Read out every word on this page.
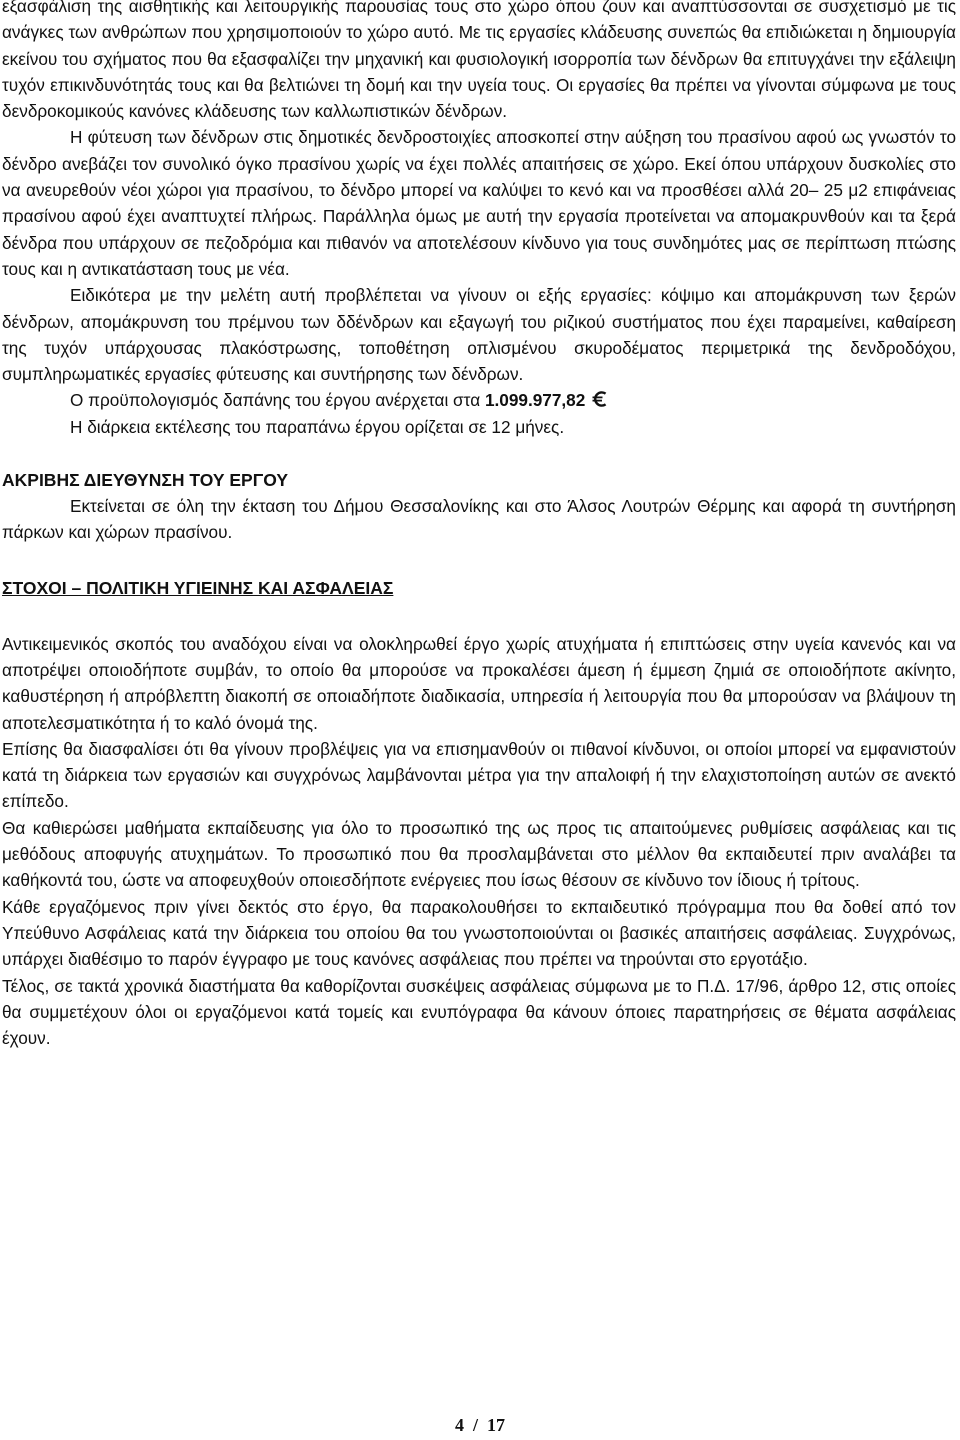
εξασφάλιση της αισθητικής και λειτουργικής παρουσίας τους στο χώρο όπου ζουν και αναπτύσσονται σε συσχετισμό με τις ανάγκες των ανθρώπων που χρησιμοποιούν το χώρο αυτό. Με τις εργασίες κλάδευσης συνεπώς θα επιδιώκεται η δημιουργία εκείνου του σχήματος που θα εξασφαλίζει την μηχανική και φυσιολογική ισορροπία των δένδρων θα επιτυγχάνει την εξάλειψη τυχόν επικινδυνότητάς τους και θα βελτιώνει τη δομή και την υγεία τους. Οι εργασίες θα πρέπει να γίνονται σύμφωνα με τους δενδροκομικούς κανόνες κλάδευσης των καλλωπιστικών δένδρων.

Η φύτευση των δένδρων στις δημοτικές δενδροστοιχίες αποσκοπεί στην αύξηση του πρασίνου αφού ως γνωστόν το δένδρο ανεβάζει τον συνολικό όγκο πρασίνου χωρίς να έχει πολλές απαιτήσεις σε χώρο. Εκεί όπου υπάρχουν δυσκολίες στο να ανευρεθούν νέοι χώροι για πρασίνου, το δένδρο μπορεί να καλύψει το κενό και να προσθέσει αλλά 20– 25 μ2 επιφάνειας πρασίνου αφού έχει αναπτυχτεί πλήρως. Παράλληλα όμως με αυτή την εργασία προτείνεται να απομακρυνθούν και τα ξερά δένδρα που υπάρχουν σε πεζοδρόμια και πιθανόν να αποτελέσουν κίνδυνο για τους συνδημότες μας σε περίπτωση πτώσης τους και η αντικατάσταση τους με νέα.

Ειδικότερα με την μελέτη αυτή προβλέπεται να γίνουν οι εξής εργασίες: κόψιμο και απομάκρυνση των ξερών δένδρων, απομάκρυνση του πρέμνου των δδένδρων και εξαγωγή του ριζικού συστήματος που έχει παραμείνει, καθαίρεση της τυχόν υπάρχουσας πλακόστρωσης, τοποθέτηση οπλισμένου σκυροδέματος περιμετρικά της δενδροδόχου, συμπληρωματικές εργασίες φύτευσης και συντήρησης των δένδρων.

Ο προϋπολογισμός δαπάνης του έργου ανέρχεται στα 1.099.977,82

Η διάρκεια εκτέλεσης του παραπάνω έργου ορίζεται σε 12 μήνες.

ΑΚΡΙΒΗΣ ΔΙΕΥΘΥΝΣΗ ΤΟΥ ΕΡΓΟΥ

Εκτείνεται σε όλη την έκταση του Δήμου Θεσσαλονίκης και στο Άλσος Λουτρών Θέρμης και αφορά τη συντήρηση πάρκων και χώρων πρασίνου.

ΣΤΟΧΟΙ – ΠΟΛΙΤΙΚΗ ΥΓΙΕΙΝΗΣ ΚΑΙ ΑΣΦΑΛΕΙΑΣ

Αντικειμενικός σκοπός του αναδόχου είναι να ολοκληρωθεί έργο χωρίς ατυχήματα ή επιπτώσεις στην υγεία κανενός και να αποτρέψει οποιοδήποτε συμβάν, το οποίο θα μπορούσε να προκαλέσει άμεση ή έμμεση ζημιά σε οποιοδήποτε ακίνητο, καθυστέρηση ή απρόβλεπτη διακοπή σε οποιαδήποτε διαδικασία, υπηρεσία ή λειτουργία που θα μπορούσαν να βλάψουν τη αποτελεσματικότητα ή το καλό όνομά της.

Επίσης θα διασφαλίσει ότι θα γίνουν προβλέψεις για να επισημανθούν οι πιθανοί κίνδυνοι, οι οποίοι μπορεί να εμφανιστούν κατά τη διάρκεια των εργασιών και συγχρόνως λαμβάνονται μέτρα για την απαλοιφή ή την ελαχιστοποίηση αυτών σε ανεκτό επίπεδο.

Θα καθιερώσει μαθήματα εκπαίδευσης για όλο το προσωπικό της ως προς τις απαιτούμενες ρυθμίσεις ασφάλειας και τις μεθόδους αποφυγής ατυχημάτων. Το προσωπικό που θα προσλαμβάνεται στο μέλλον θα εκπαιδευτεί πριν αναλάβει τα καθήκοντά του, ώστε να αποφευχθούν οποιεσδήποτε ενέργειες που ίσως θέσουν σε κίνδυνο τον ίδιους ή τρίτους.

Κάθε εργαζόμενος πριν γίνει δεκτός στο έργο, θα παρακολουθήσει το εκπαιδευτικό πρόγραμμα που θα δοθεί από τον Υπεύθυνο Ασφάλειας κατά την διάρκεια του οποίου θα του γνωστοποιούνται οι βασικές απαιτήσεις ασφάλειας. Συγχρόνως, υπάρχει διαθέσιμο το παρόν έγγραφο με τους κανόνες ασφάλειας που πρέπει να τηρούνται στο εργοτάξιο.

Τέλος, σε τακτά χρονικά διαστήματα θα καθορίζονται συσκέψεις ασφάλειας σύμφωνα με το Π.Δ. 17/96, άρθρο 12, στις οποίες θα συμμετέχουν όλοι οι εργαζόμενοι κατά τομείς και ενυπόγραφα θα κάνουν όποιες παρατηρήσεις σε θέματα ασφάλειας έχουν.

4 / 17
